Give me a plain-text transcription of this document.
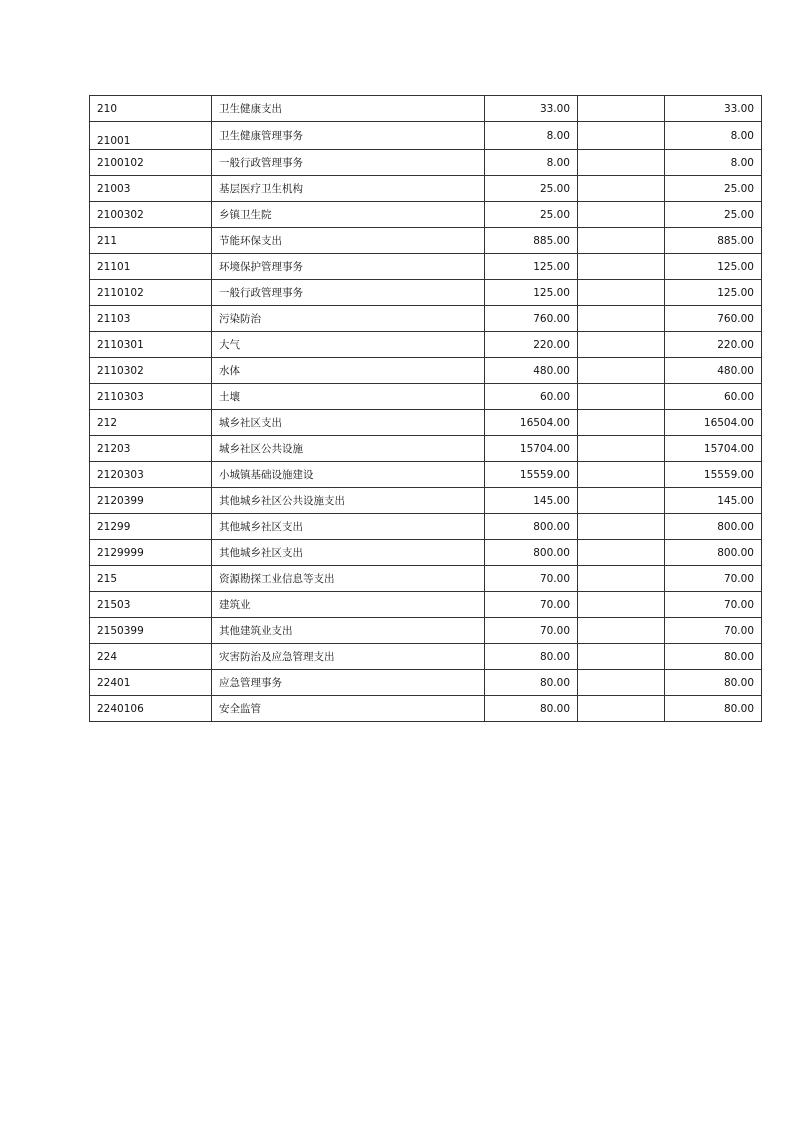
210	卫生健康支出	33.00		33.00
21001	卫生健康管理事务	8.00		8.00
2100102	一般行政管理事务	8.00		8.00
21003	基层医疗卫生机构	25.00		25.00
2100302	乡镇卫生院	25.00		25.00
211	节能环保支出	885.00		885.00
21101	环境保护管理事务	125.00		125.00
2110102	一般行政管理事务	125.00		125.00
21103	污染防治	760.00		760.00
2110301	大气	220.00		220.00
2110302	水体	480.00		480.00
2110303	土壤	60.00		60.00
212	城乡社区支出	16504.00		16504.00
21203	城乡社区公共设施	15704.00		15704.00
2120303	小城镇基础设施建设	15559.00		15559.00
2120399	其他城乡社区公共设施支出	145.00		145.00
21299	其他城乡社区支出	800.00		800.00
2129999	其他城乡社区支出	800.00		800.00
215	资源勘探工业信息等支出	70.00		70.00
21503	建筑业	70.00		70.00
2150399	其他建筑业支出	70.00		70.00
224	灾害防治及应急管理支出	80.00		80.00
22401	应急管理事务	80.00		80.00
2240106	安全监管	80.00		80.00
